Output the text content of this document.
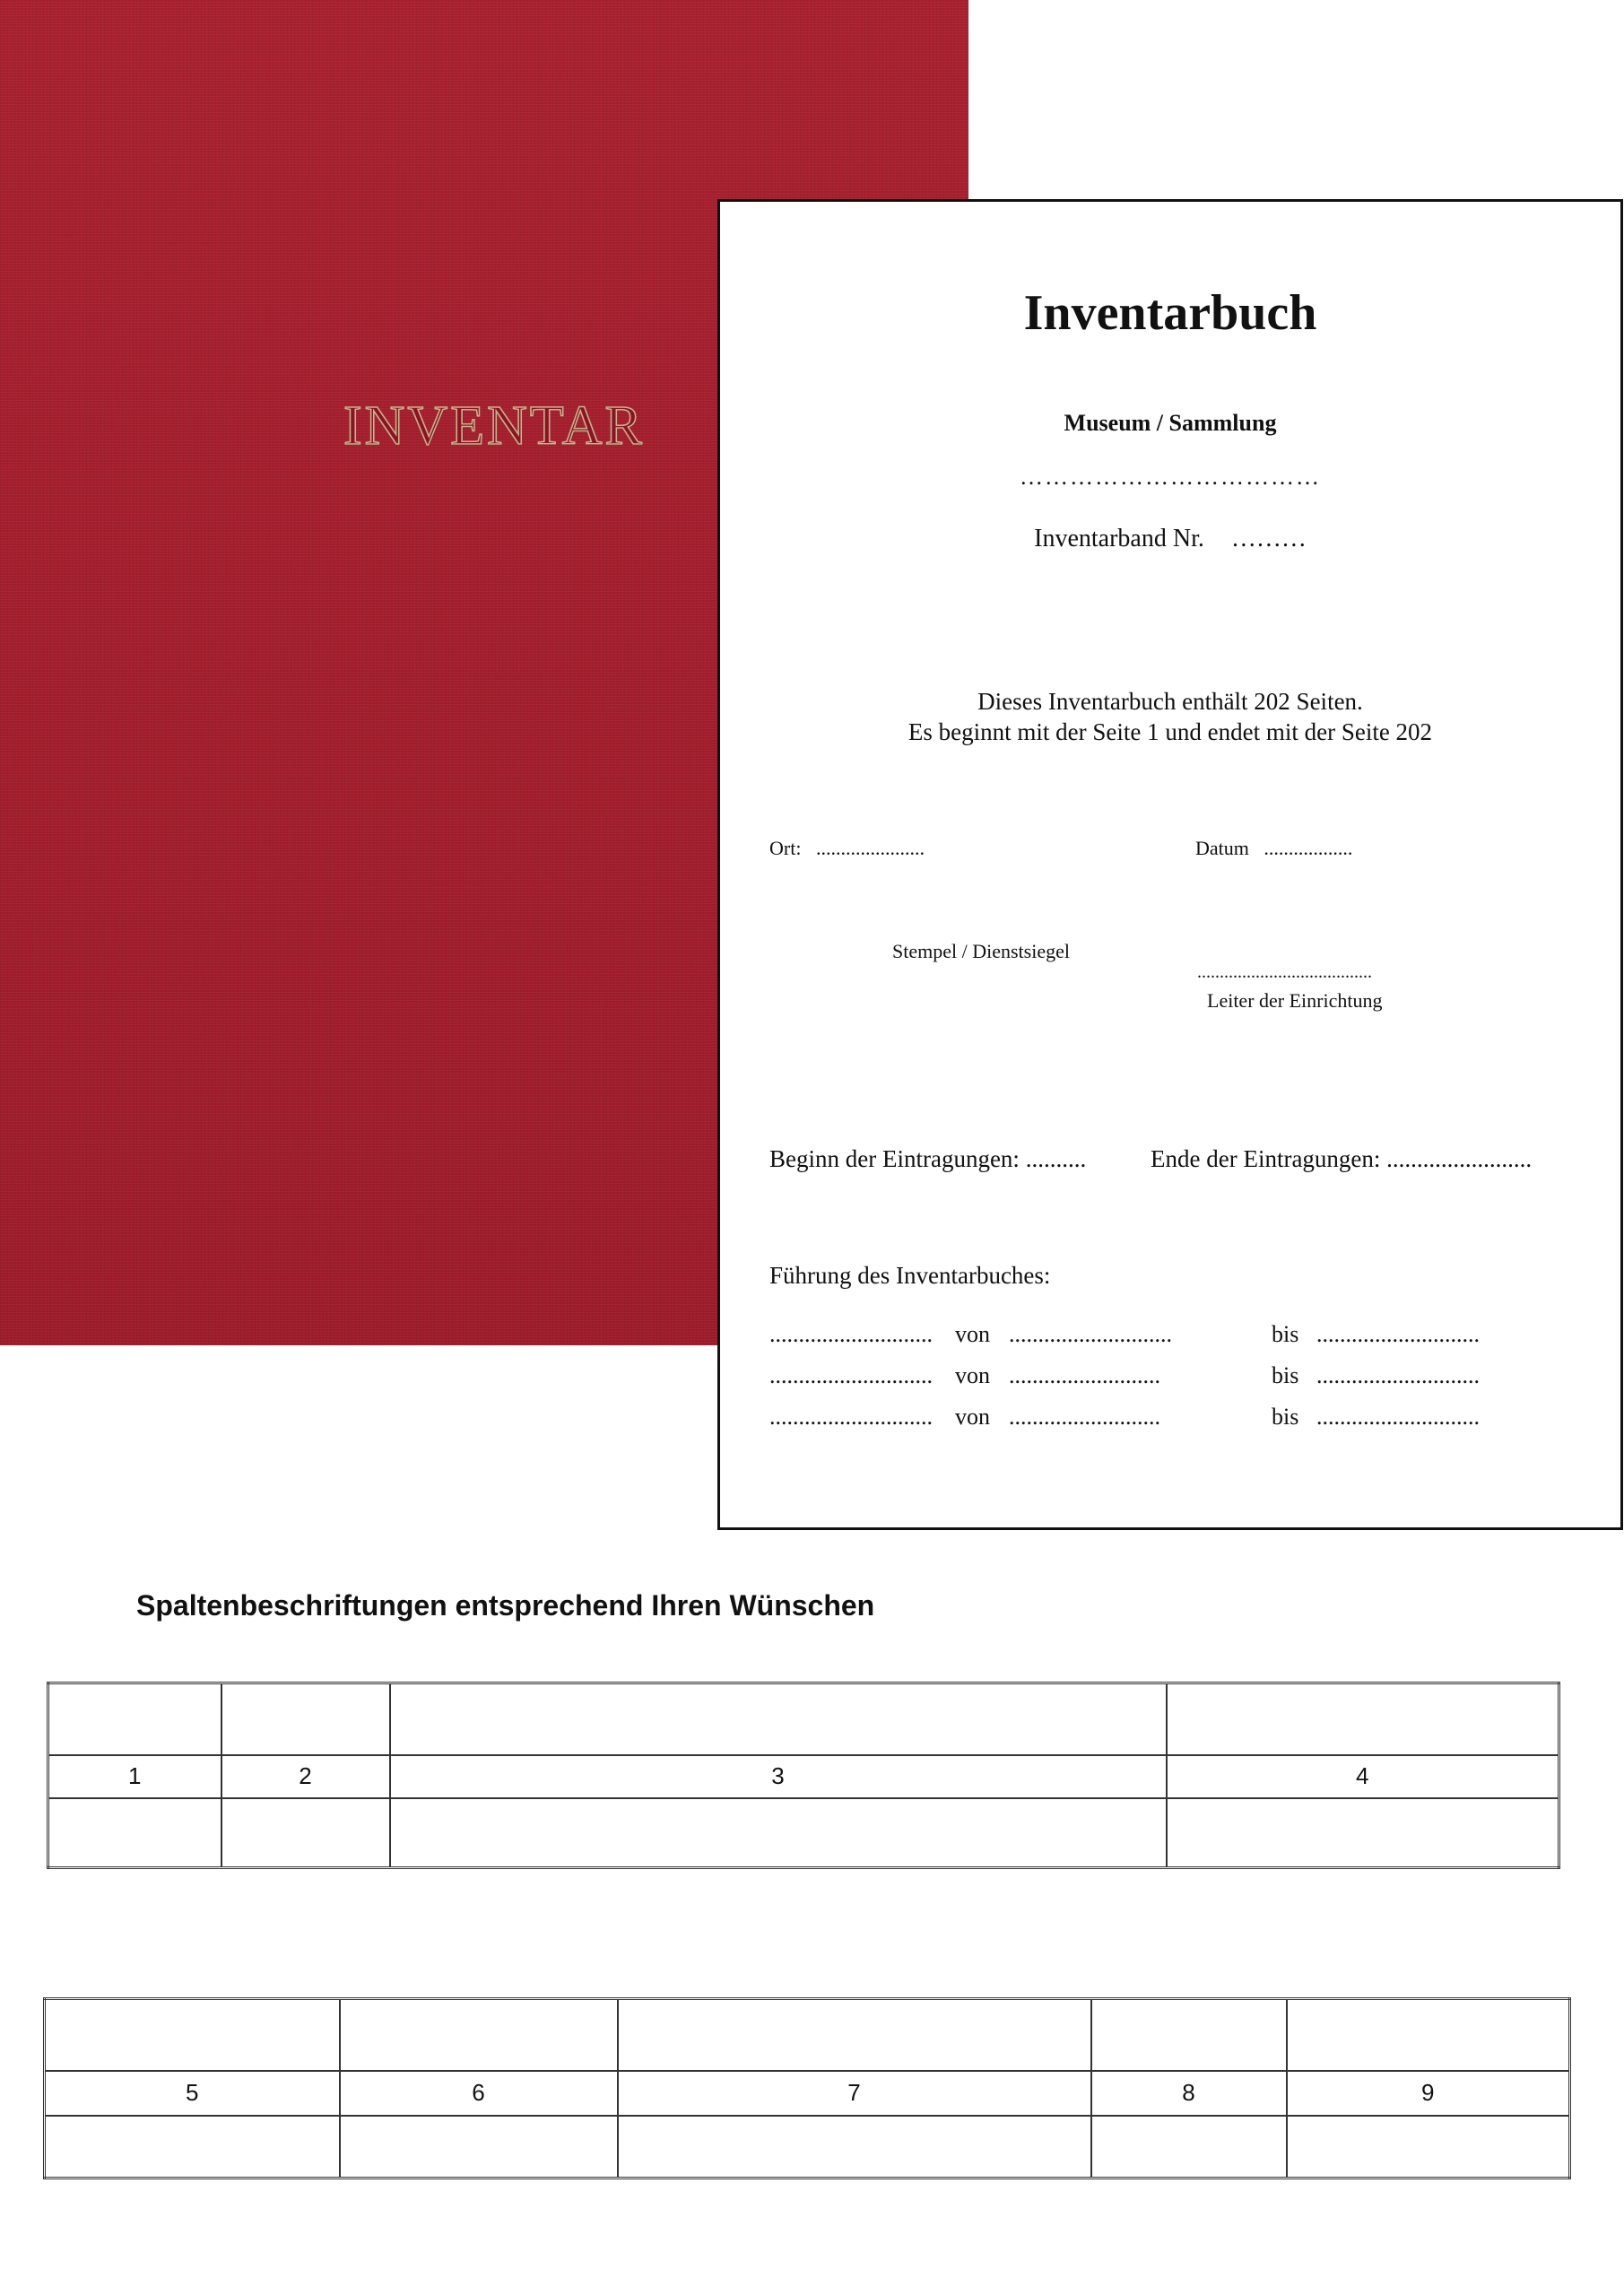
INVENTAR
Inventarbuch
Museum / Sammlung
………………………………
Inventarband Nr. ………
Dieses Inventarbuch enthält 202 Seiten.
Es beginnt mit der Seite 1 und endet mit der Seite 202
Ort: ......................	Datum ..................
Stempel / Dienstsiegel
.......................................
Leiter der Einrichtung
Beginn der Eintragungen: ..........	Ende der Eintragungen: ........................
Führung des Inventarbuches:
............................ von ............................	bis ............................
............................ von ..........................	bis ............................
............................ von ..........................	bis ............................
Spaltenbeschriftungen entsprechend Ihren Wünschen

1	2	3	4

5	6	7	8	9
